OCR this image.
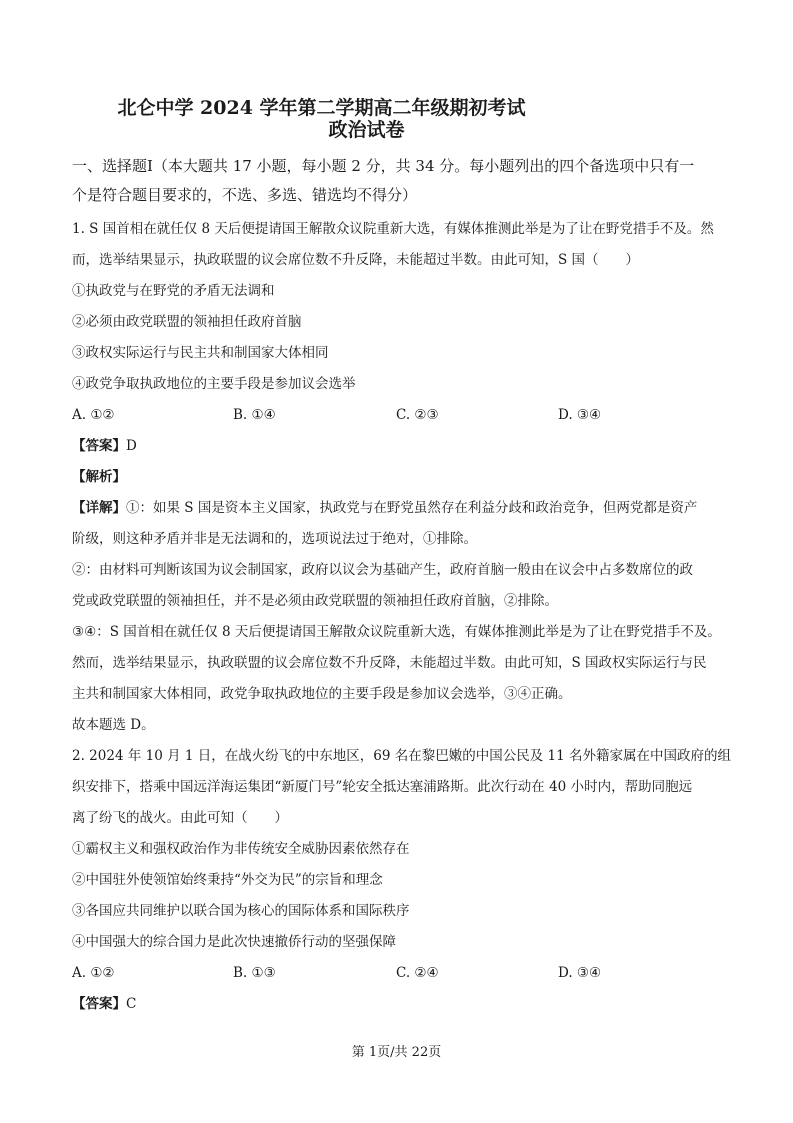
北仑中学 2024 学年第二学期高二年级期初考试
政治试卷
一、选择题Ⅰ（本大题共 17 小题，每小题 2 分，共 34 分。每小题列出的四个备选项中只有一
个是符合题目要求的，不选、多选、错选均不得分）
1. S 国首相在就任仅 8 天后便提请国王解散众议院重新大选，有媒体推测此举是为了让在野党措手不及。然
而，选举结果显示，执政联盟的议会席位数不升反降，未能超过半数。由此可知，S 国（　　）
①执政党与在野党的矛盾无法调和
②必须由政党联盟的领袖担任政府首脑
③政权实际运行与民主共和制国家大体相同
④政党争取执政地位的主要手段是参加议会选举
A. ①②	B. ①④	C. ②③	D. ③④
【答案】D
【解析】
【详解】①：如果 S 国是资本主义国家，执政党与在野党虽然存在利益分歧和政治竞争，但两党都是资产
阶级，则这种矛盾并非是无法调和的，选项说法过于绝对，①排除。
②：由材料可判断该国为议会制国家，政府以议会为基础产生，政府首脑一般由在议会中占多数席位的政
党或政党联盟的领袖担任，并不是必须由政党联盟的领袖担任政府首脑，②排除。
③④：S 国首相在就任仅 8 天后便提请国王解散众议院重新大选，有媒体推测此举是为了让在野党措手不及。
然而，选举结果显示，执政联盟的议会席位数不升反降，未能超过半数。由此可知，S 国政权实际运行与民
主共和制国家大体相同，政党争取执政地位的主要手段是参加议会选举，③④正确。
故本题选 D。
2. 2024 年 10 月 1 日，在战火纷飞的中东地区，69 名在黎巴嫩的中国公民及 11 名外籍家属在中国政府的组
织安排下，搭乘中国远洋海运集团“新厦门号”轮安全抵达塞浦路斯。此次行动在 40 小时内，帮助同胞远
离了纷飞的战火。由此可知（　　）
①霸权主义和强权政治作为非传统安全威胁因素依然存在
②中国驻外使领馆始终秉持“外交为民”的宗旨和理念
③各国应共同维护以联合国为核心的国际体系和国际秩序
④中国强大的综合国力是此次快速撤侨行动的坚强保障
A. ①②	B. ①③	C. ②④	D. ③④
【答案】C
第 1页/共 22页
